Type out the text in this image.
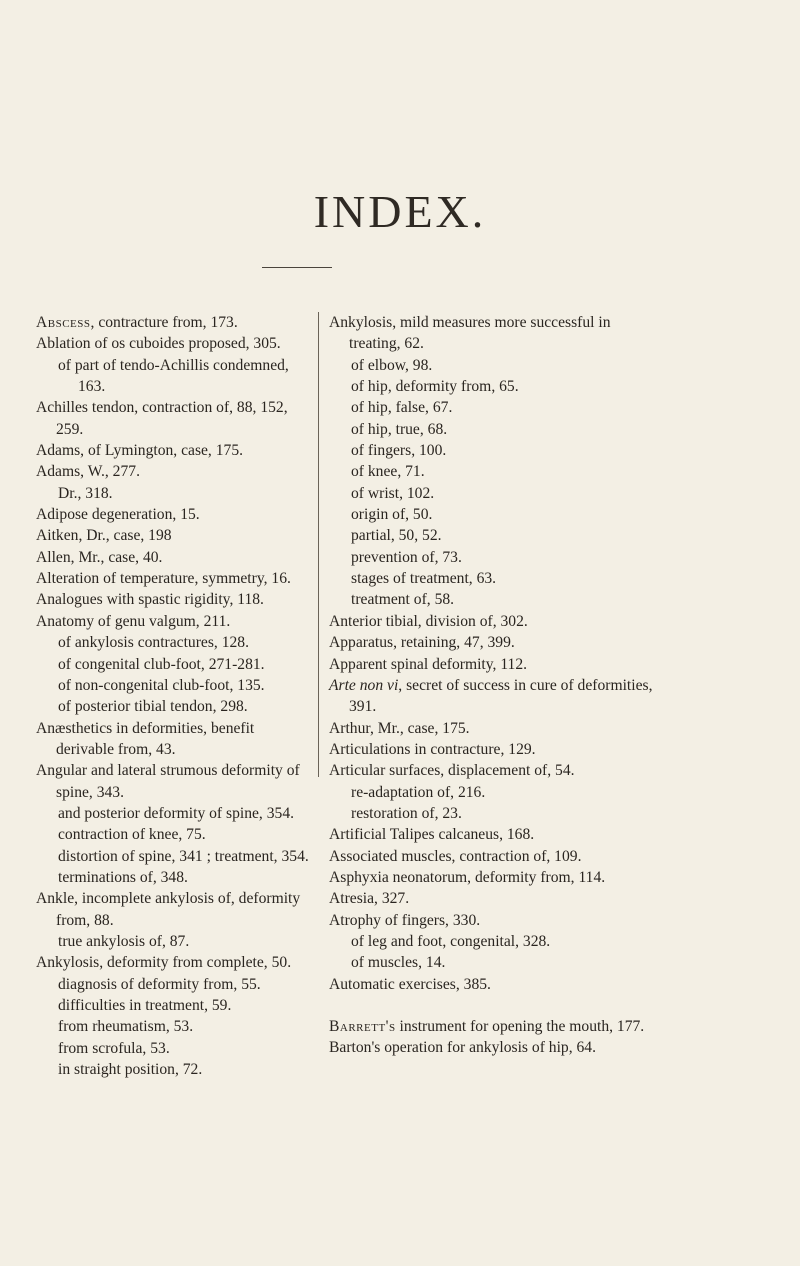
INDEX.

Abscess, contracture from, 173.

Ablation of os cuboides proposed, 305.

of part of tendo-Achillis condemned, 163.

Achilles tendon, contraction of, 88, 152, 259.

Adams, of Lymington, case, 175.

Adams, W., 277.

Dr., 318.

Adipose degeneration, 15.

Aitken, Dr., case, 198

Allen, Mr., case, 40.

Alteration of temperature, symmetry, 16.

Analogues with spastic rigidity, 118.

Anatomy of genu valgum, 211.

of ankylosis contractures, 128.

of congenital club-foot, 271-281.

of non-congenital club-foot, 135.

of posterior tibial tendon, 298.

Anæsthetics in deformities, benefit derivable from, 43.

Angular and lateral strumous deformity of spine, 343.

and posterior deformity of spine, 354.

contraction of knee, 75.

distortion of spine, 341 ; treatment, 354.

terminations of, 348.

Ankle, incomplete ankylosis of, deformity from, 88.

true ankylosis of, 87.

Ankylosis, deformity from complete, 50.

diagnosis of deformity from, 55.

difficulties in treatment, 59.

from rheumatism, 53.

from scrofula, 53.

in straight position, 72.

Ankylosis, mild measures more successful in treating, 62.

of elbow, 98.

of hip, deformity from, 65.

of hip, false, 67.

of hip, true, 68.

of fingers, 100.

of knee, 71.

of wrist, 102.

origin of, 50.

partial, 50, 52.

prevention of, 73.

stages of treatment, 63.

treatment of, 58.

Anterior tibial, division of, 302.

Apparatus, retaining, 47, 399.

Apparent spinal deformity, 112.

Arte non vi, secret of success in cure of deformities, 391.

Arthur, Mr., case, 175.

Articulations in contracture, 129.

Articular surfaces, displacement of, 54.

re-adaptation of, 216.

restoration of, 23.

Artificial Talipes calcaneus, 168.

Associated muscles, contraction of, 109.

Asphyxia neonatorum, deformity from, 114.

Atresia, 327.

Atrophy of fingers, 330.

of leg and foot, congenital, 328.

of muscles, 14.

Automatic exercises, 385.

Barrett's instrument for opening the mouth, 177.

Barton's operation for ankylosis of hip, 64.
